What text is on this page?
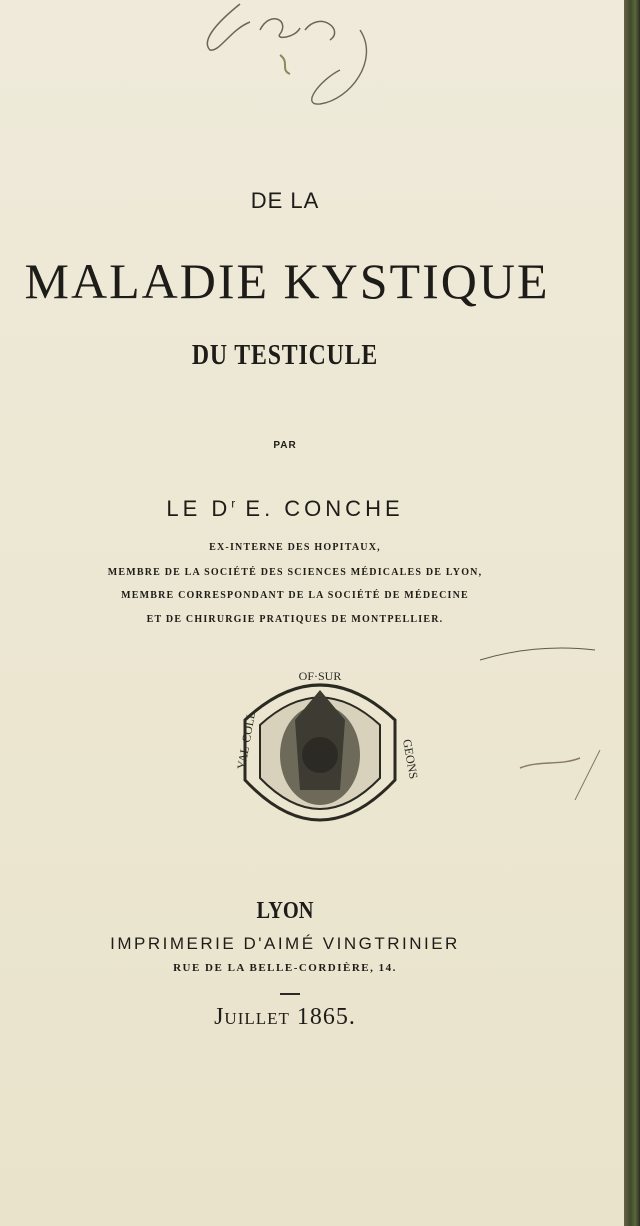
DE LA
MALADIE KYSTIQUE
DU TESTICULE
PAR
LE $D^r$ E. CONCHE
EX-INTERNE DES HOPITAUX,
MEMBRE DE LA SOCIÉTÉ DES SCIENCES MÉDICALES DE LYON,
MEMBRE CORRESPONDANT DE LA SOCIÉTÉ DE MÉDECINE
ET DE CHIRURGIE PRATIQUES DE MONTPELLIER.
OF·SUR
YAL·COLL	GEONS
LYON
IMPRIMERIE D'AIMÉ VINGTRINIER
RUE DE LA BELLE-CORDIÈRE, 14.
Juillet 1865.
